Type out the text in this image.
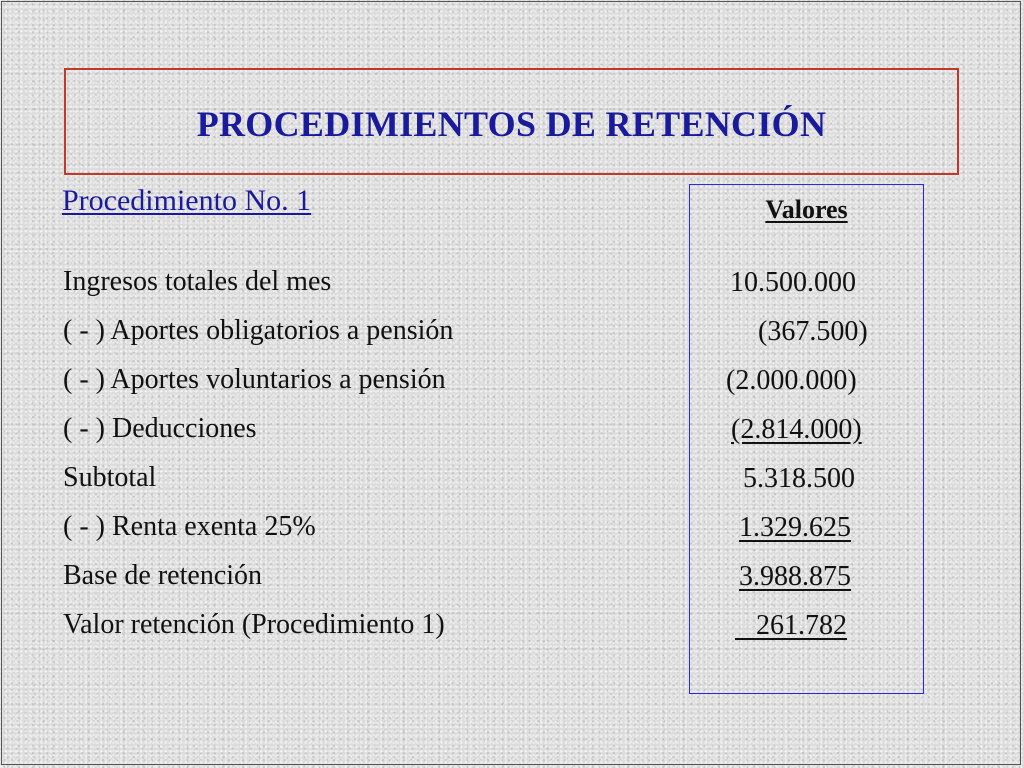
PROCEDIMIENTOS DE RETENCIÓN
Procedimiento No. 1
Ingresos totales del mes
( - ) Aportes obligatorios a pensión
( - ) Aportes voluntarios a pensión
( - ) Deducciones
Subtotal
( - ) Renta exenta 25%
Base de retención
Valor retención (Procedimiento 1)
Valores
10.500.000
(367.500)
(2.000.000)
(2.814.000)
5.318.500
1.329.625
3.988.875
261.782
